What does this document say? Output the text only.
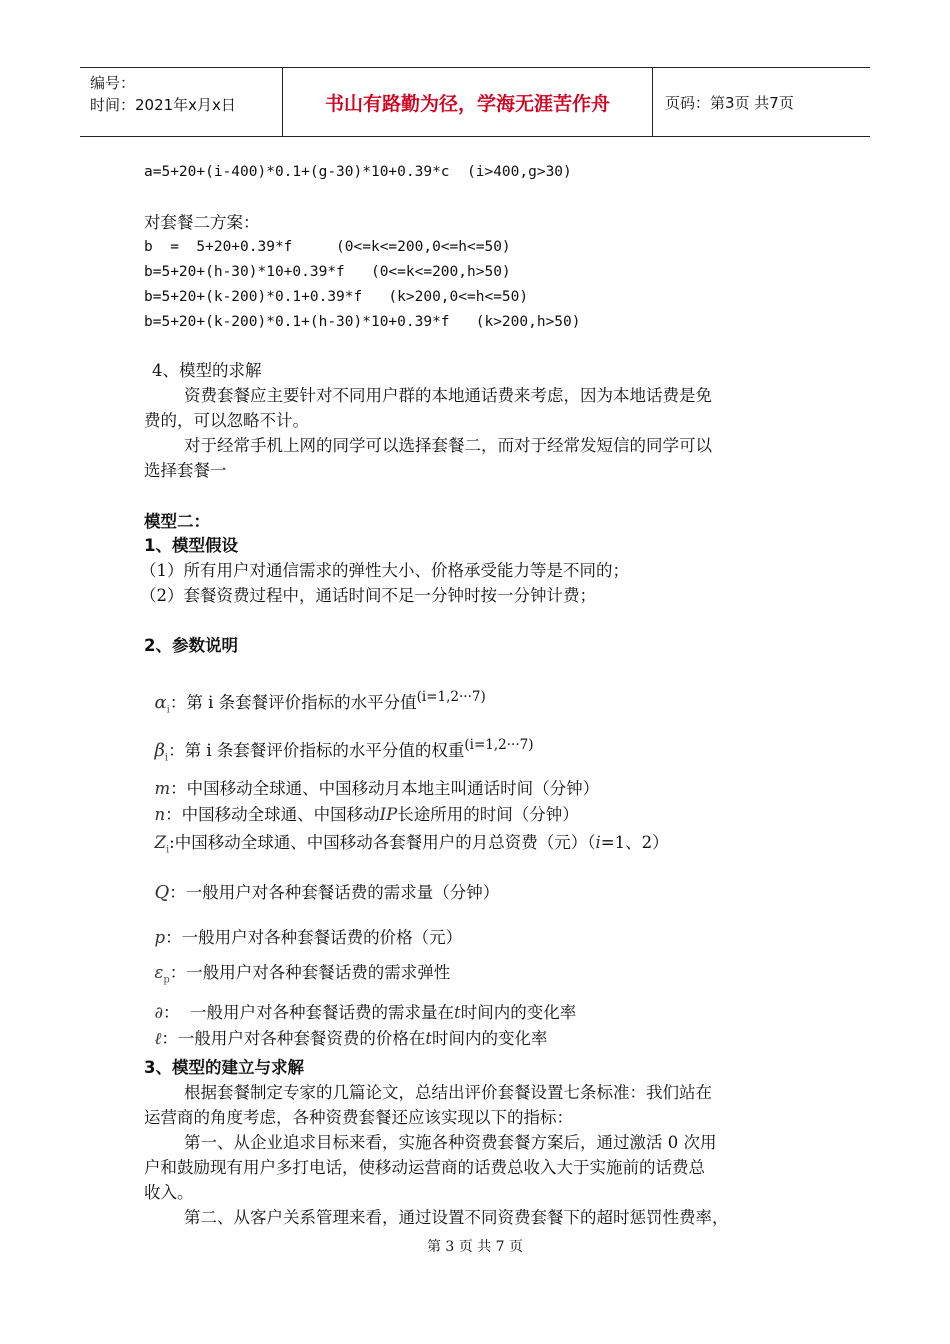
编号：
时间：2021年x月x日	书山有路勤为径，学海无涯苦作舟	页码：第3页 共7页
a=5+20+(i-400)*0.1+(g-30)*10+0.39*c  (i>400,g>30)
对套餐二方案：
b  =  5+20+0.39*f     (0<=k<=200,0<=h<=50)
b=5+20+(h-30)*10+0.39*f   (0<=k<=200,h>50)
b=5+20+(k-200)*0.1+0.39*f   (k>200,0<=h<=50)
b=5+20+(k-200)*0.1+(h-30)*10+0.39*f   (k>200,h>50)
4、模型的求解
资费套餐应主要针对不同用户群的本地通话费来考虑，因为本地话费是免
费的，可以忽略不计。
对于经常手机上网的同学可以选择套餐二，而对于经常发短信的同学可以
选择套餐一
模型二：
1、模型假设
（1）所有用户对通信需求的弹性大小、价格承受能力等是不同的；
（2）套餐资费过程中，通话时间不足一分钟时按一分钟计费；
2、参数说明

$\alpha_i$：第 i 条套餐评价指标的水平分值$^{(i=1,2\cdot\cdot\cdot 7)}$

$\beta_i$：第 i 条套餐评价指标的水平分值的权重$^{(i=1,2\cdot\cdot\cdot 7)}$

m：中国移动全球通、中国移动月本地主叫通话时间（分钟）

n：中国移动全球通、中国移动IP长途所用的时间（分钟）

$Z_i$:中国移动全球通、中国移动各套餐用户的月总资费（元）（i=1、2）

Q：一般用户对各种套餐话费的需求量（分钟）

p：一般用户对各种套餐话费的价格（元）

$\varepsilon_p$：一般用户对各种套餐话费的需求弹性

∂：  一般用户对各种套餐话费的需求量在t时间内的变化率

ℓ：一般用户对各种套餐资费的价格在t时间内的变化率

3、模型的建立与求解
根据套餐制定专家的几篇论文，总结出评价套餐设置七条标准：我们站在
运营商的角度考虑，各种资费套餐还应该实现以下的指标：
第一、从企业追求目标来看，实施各种资费套餐方案后，通过激活 0 次用
户和鼓励现有用户多打电话，使移动运营商的话费总收入大于实施前的话费总
收入。
第二、从客户关系管理来看，通过设置不同资费套餐下的超时惩罚性费率，
第 3 页 共 7 页
